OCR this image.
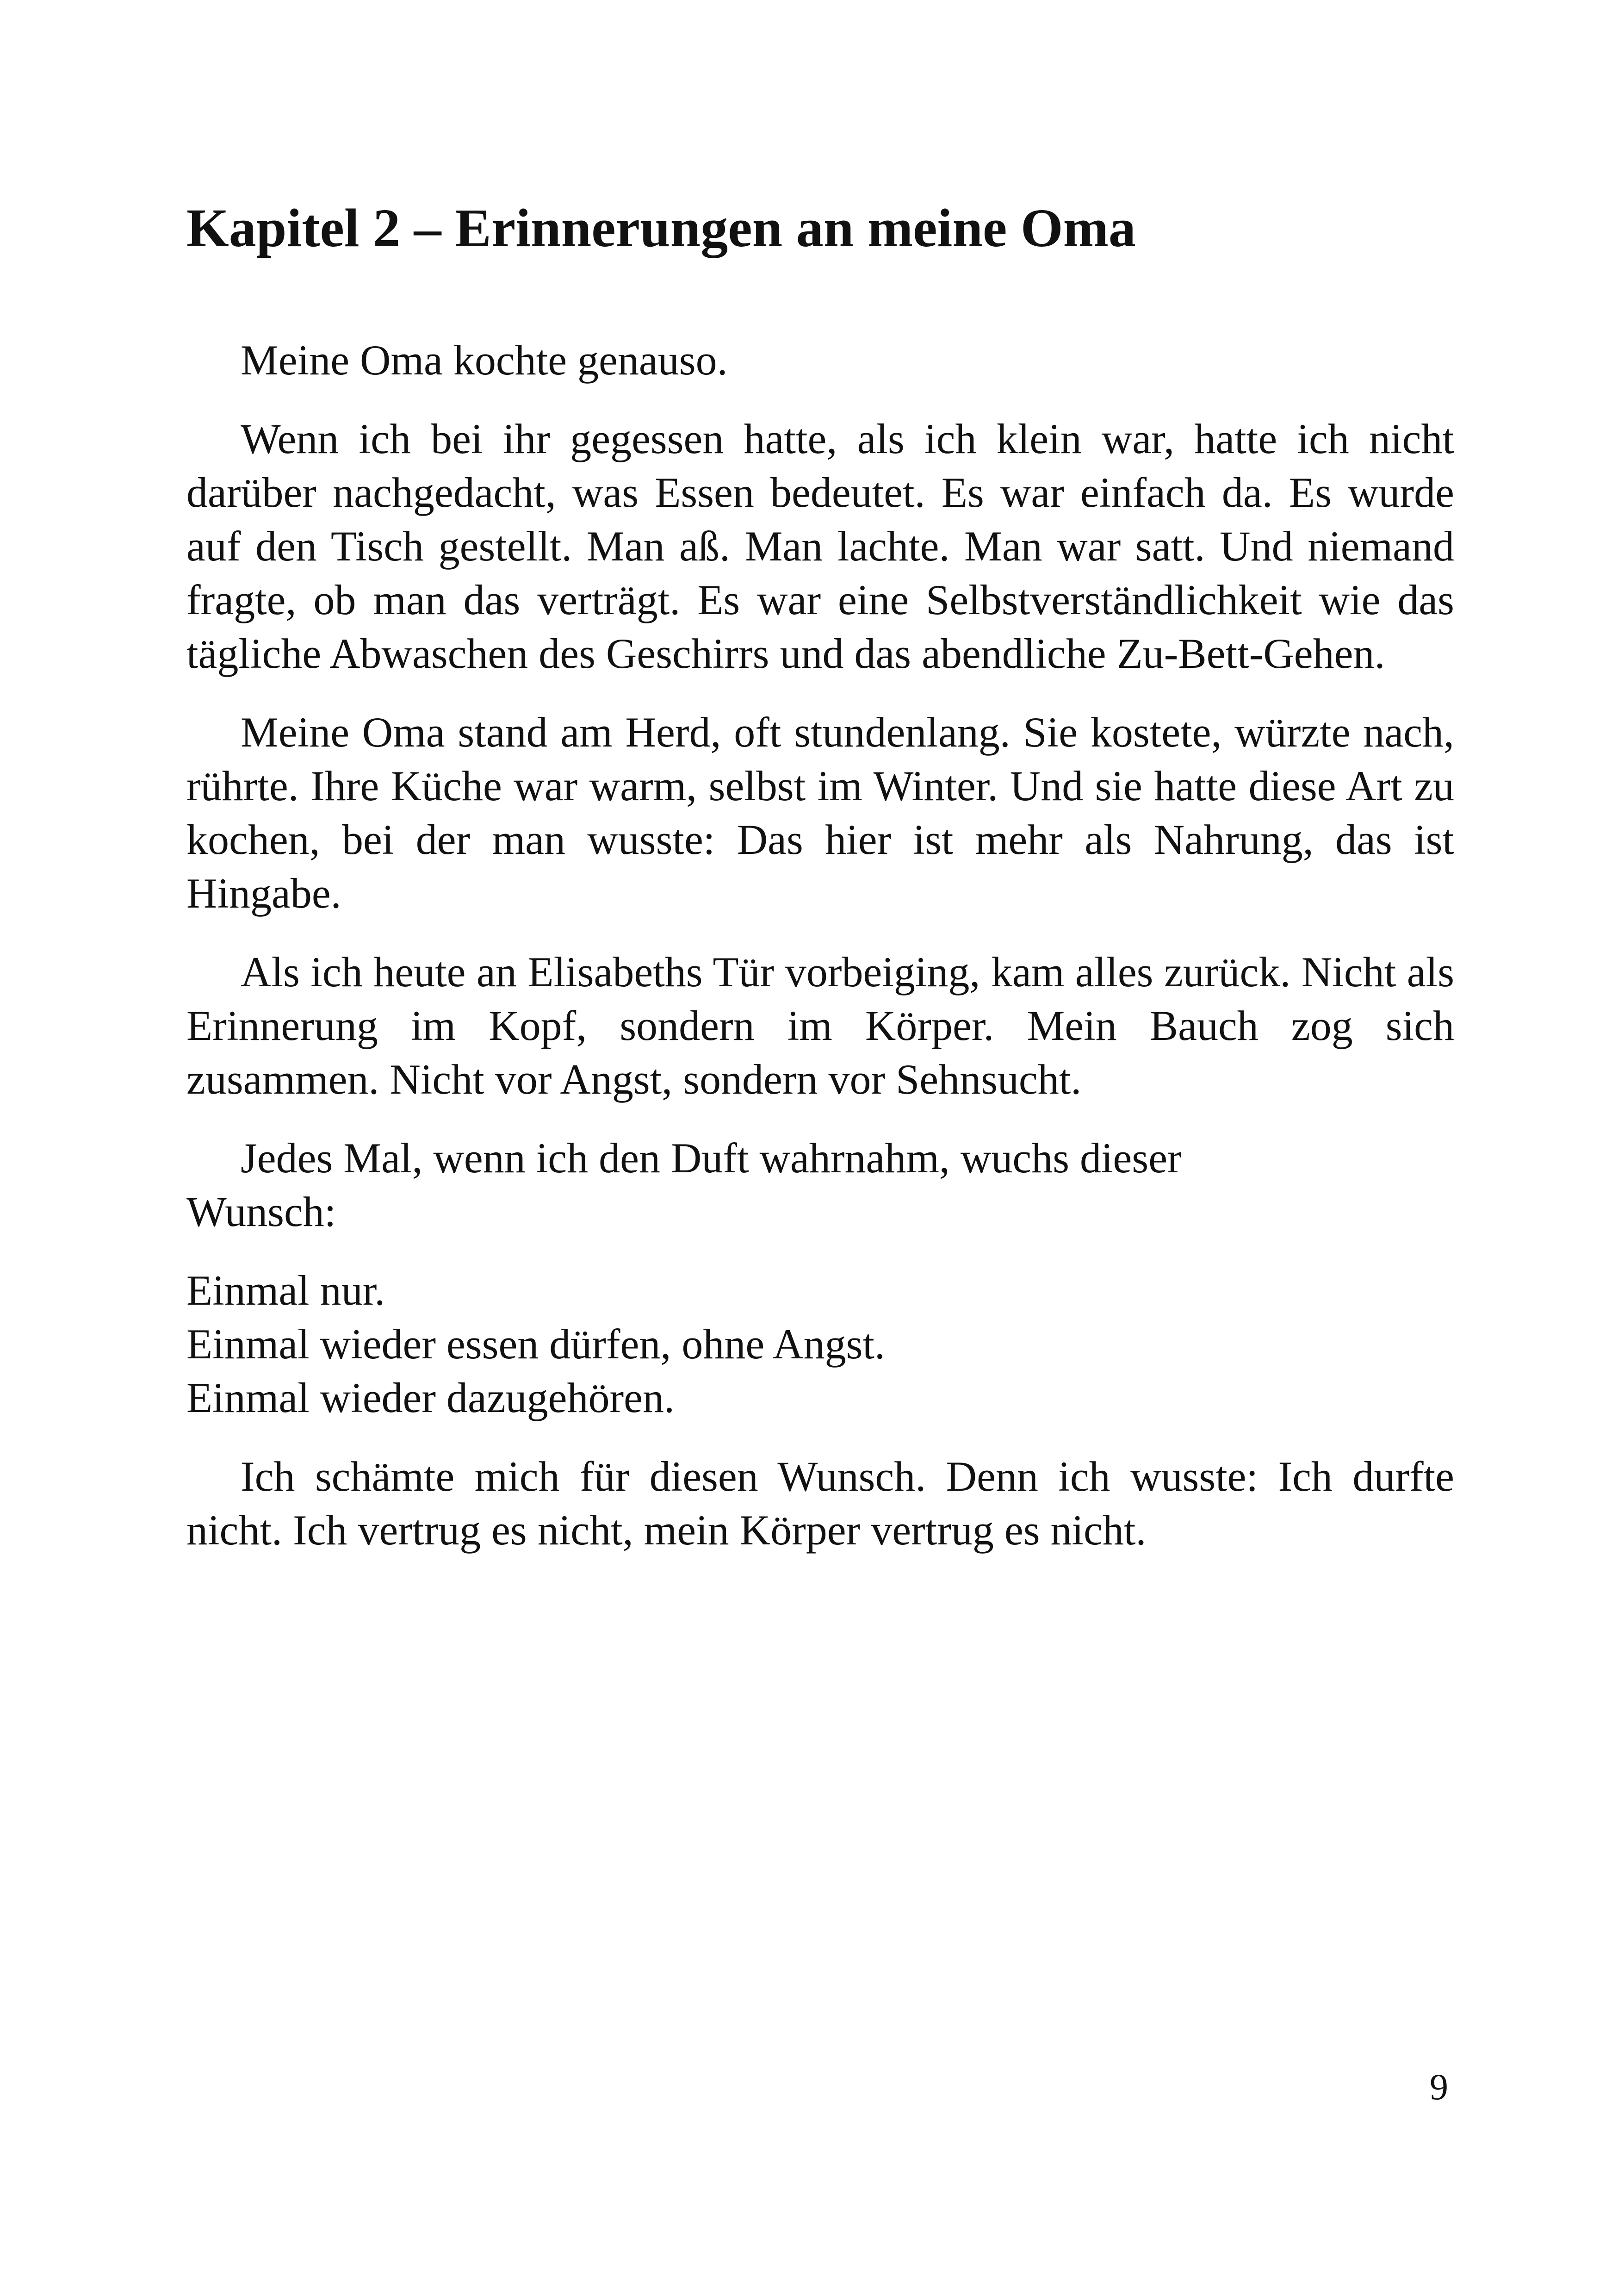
Kapitel 2 – Erinnerungen an meine Oma

Meine Oma kochte genauso.

Wenn ich bei ihr gegessen hatte, als ich klein war, hatte ich nicht darüber nachgedacht, was Essen bedeutet. Es war einfach da. Es wurde auf den Tisch gestellt. Man aß. Man lachte. Man war satt. Und niemand fragte, ob man das verträgt. Es war eine Selbstverständlichkeit wie das tägliche Abwaschen des Geschirrs und das abendliche Zu-Bett-Gehen.

Meine Oma stand am Herd, oft stundenlang. Sie kostete, würzte nach, rührte. Ihre Küche war warm, selbst im Winter. Und sie hatte diese Art zu kochen, bei der man wusste: Das hier ist mehr als Nahrung, das ist Hingabe.

Als ich heute an Elisabeths Tür vorbeiging, kam alles zurück. Nicht als Erinnerung im Kopf, sondern im Körper. Mein Bauch zog sich zusammen. Nicht vor Angst, sondern vor Sehnsucht.

Jedes Mal, wenn ich den Duft wahrnahm, wuchs dieser Wunsch:

Einmal nur.
Einmal wieder essen dürfen, ohne Angst.
Einmal wieder dazugehören.

Ich schämte mich für diesen Wunsch. Denn ich wusste: Ich durfte nicht. Ich vertrug es nicht, mein Körper vertrug es nicht.

9
